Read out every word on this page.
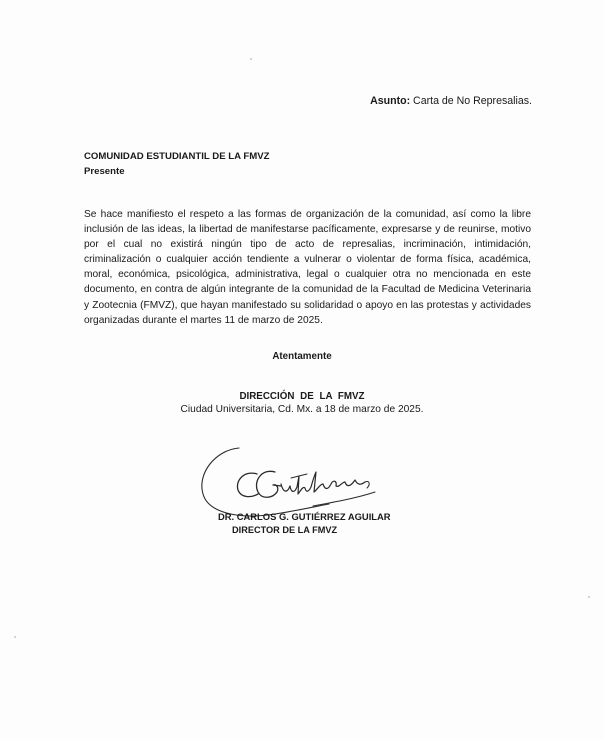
Asunto: Carta de No Represalias.
COMUNIDAD ESTUDIANTIL DE LA FMVZ
Presente
Se hace manifiesto el respeto a las formas de organización de la comunidad, así como la libre inclusión de las ideas, la libertad de manifestarse pacíficamente, expresarse y de reunirse, motivo por el cual no existirá ningún tipo de acto de represalias, incriminación, intimidación, criminalización o cualquier acción tendiente a vulnerar o violentar de forma física, académica, moral, económica, psicológica, administrativa, legal o cualquier otra no mencionada en este documento, en contra de algún integrante de la comunidad de la Facultad de Medicina Veterinaria y Zootecnia (FMVZ), que hayan manifestado su solidaridad o apoyo en las protestas y actividades organizadas durante el martes 11 de marzo de 2025.
Atentamente
DIRECCIÓN DE LA FMVZ
Ciudad Universitaria, Cd. Mx. a 18 de marzo de 2025.
DR. CARLOS G. GUTIÉRREZ AGUILAR
DIRECTOR DE LA FMVZ
